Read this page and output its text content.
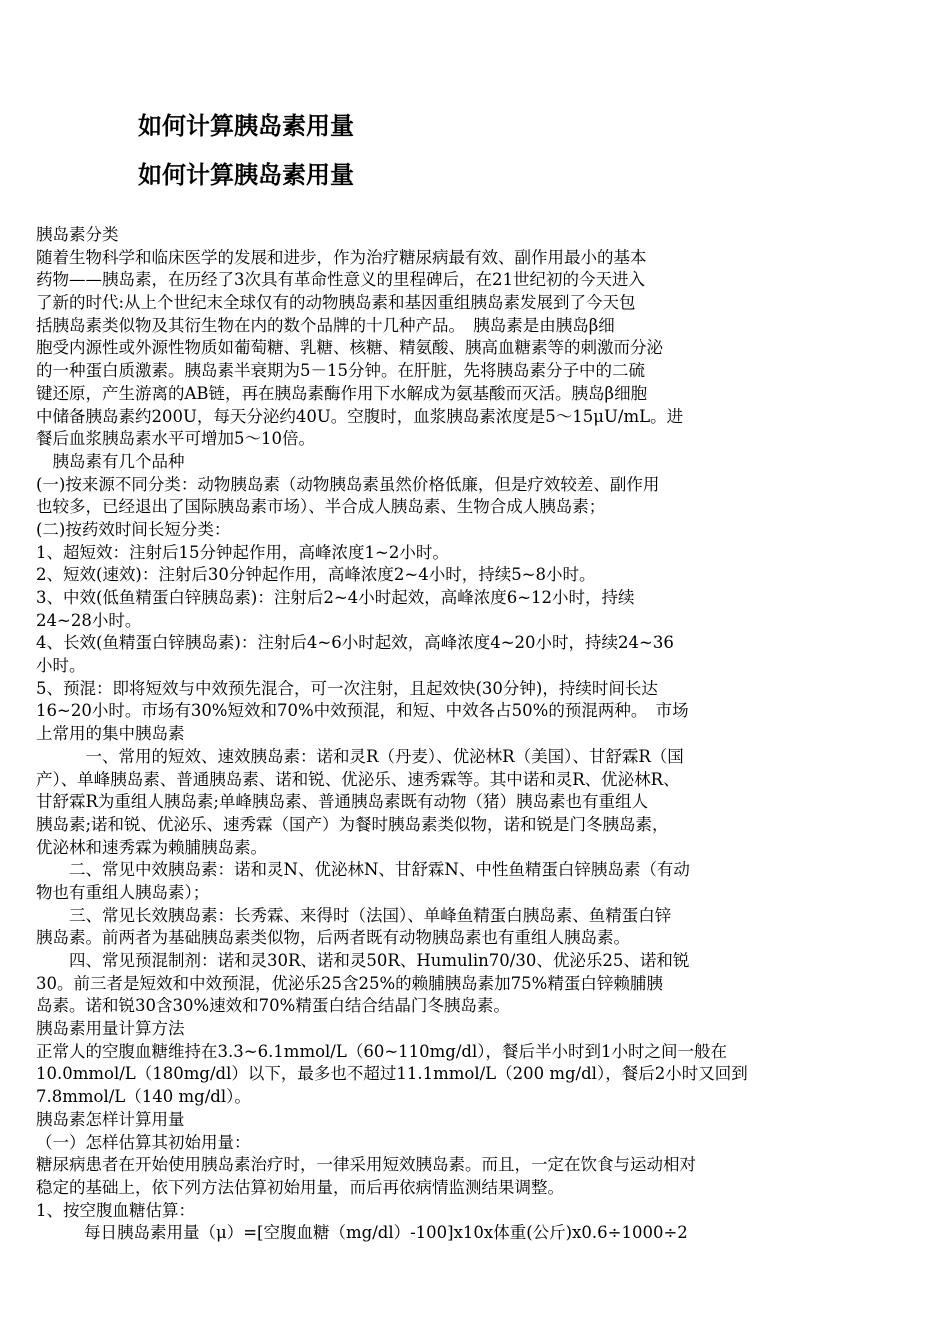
如何计算胰岛素用量
如何计算胰岛素用量
胰岛素分类
随着生物科学和临床医学的发展和进步，作为治疗糖尿病最有效、副作用最小的基本
药物——胰岛素，在历经了3次具有革命性意义的里程碑后，在21世纪初的今天进入
了新的时代:从上个世纪末全球仅有的动物胰岛素和基因重组胰岛素发展到了今天包
括胰岛素类似物及其衍生物在内的数个品牌的十几种产品。　胰岛素是由胰岛β细
胞受内源性或外源性物质如葡萄糖、乳糖、核糖、精氨酸、胰高血糖素等的刺激而分泌
的一种蛋白质激素。胰岛素半衰期为5－15分钟。在肝脏，先将胰岛素分子中的二硫
键还原，产生游离的AB链，再在胰岛素酶作用下水解成为氨基酸而灭活。胰岛β细胞
中储备胰岛素约200U，每天分泌约40U。空腹时，血浆胰岛素浓度是5～15μU/mL。进
餐后血浆胰岛素水平可增加5～10倍。
　胰岛素有几个品种
(一)按来源不同分类：动物胰岛素（动物胰岛素虽然价格低廉，但是疗效较差、副作用
也较多，已经退出了国际胰岛素市场）、半合成人胰岛素、生物合成人胰岛素；
(二)按药效时间长短分类：
1、超短效：注射后15分钟起作用，高峰浓度1~2小时。
2、短效(速效)：注射后30分钟起作用，高峰浓度2~4小时，持续5~8小时。
3、中效(低鱼精蛋白锌胰岛素)：注射后2~4小时起效，高峰浓度6~12小时，持续
24~28小时。
4、长效(鱼精蛋白锌胰岛素)：注射后4~6小时起效，高峰浓度4~20小时，持续24~36
小时。
5、预混：即将短效与中效预先混合，可一次注射，且起效快(30分钟)，持续时间长达
16~20小时。市场有30%短效和70%中效预混，和短、中效各占50%的预混两种。　市场
上常用的集中胰岛素
　　　一、常用的短效、速效胰岛素：诺和灵R（丹麦）、优泌林R（美国）、甘舒霖R（国
产）、单峰胰岛素、普通胰岛素、诺和锐、优泌乐、速秀霖等。其中诺和灵R、优泌林R、
甘舒霖R为重组人胰岛素;单峰胰岛素、普通胰岛素既有动物（猪）胰岛素也有重组人
胰岛素;诺和锐、优泌乐、速秀霖（国产）为餐时胰岛素类似物，诺和锐是门冬胰岛素，
优泌林和速秀霖为赖脯胰岛素。
　　二、常见中效胰岛素：诺和灵N、优泌林N、甘舒霖N、中性鱼精蛋白锌胰岛素（有动
物也有重组人胰岛素）；
　　三、常见长效胰岛素：长秀霖、来得时（法国）、单峰鱼精蛋白胰岛素、鱼精蛋白锌
胰岛素。前两者为基础胰岛素类似物，后两者既有动物胰岛素也有重组人胰岛素。
　　四、常见预混制剂：诺和灵30R、诺和灵50R、Humulin70/30、优泌乐25、诺和锐
30。前三者是短效和中效预混，优泌乐25含25%的赖脯胰岛素加75%精蛋白锌赖脯胰
岛素。诺和锐30含30%速效和70%精蛋白结合结晶门冬胰岛素。
胰岛素用量计算方法
正常人的空腹血糖维持在3.3~6.1mmol/L（60~110mg/dl），餐后半小时到1小时之间一般在
10.0mmol/L（180mg/dl）以下，最多也不超过11.1mmol/L（200 mg/dl），餐后2小时又回到
7.8mmol/L（140 mg/dl）。
胰岛素怎样计算用量
（一）怎样估算其初始用量：
糖尿病患者在开始使用胰岛素治疗时，一律采用短效胰岛素。而且，一定在饮食与运动相对
稳定的基础上，依下列方法估算初始用量，而后再依病情监测结果调整。
1、按空腹血糖估算：
每日胰岛素用量（μ）=[空腹血糖（mg/dl）-100]x10x体重(公斤)x0.6÷1000÷2
